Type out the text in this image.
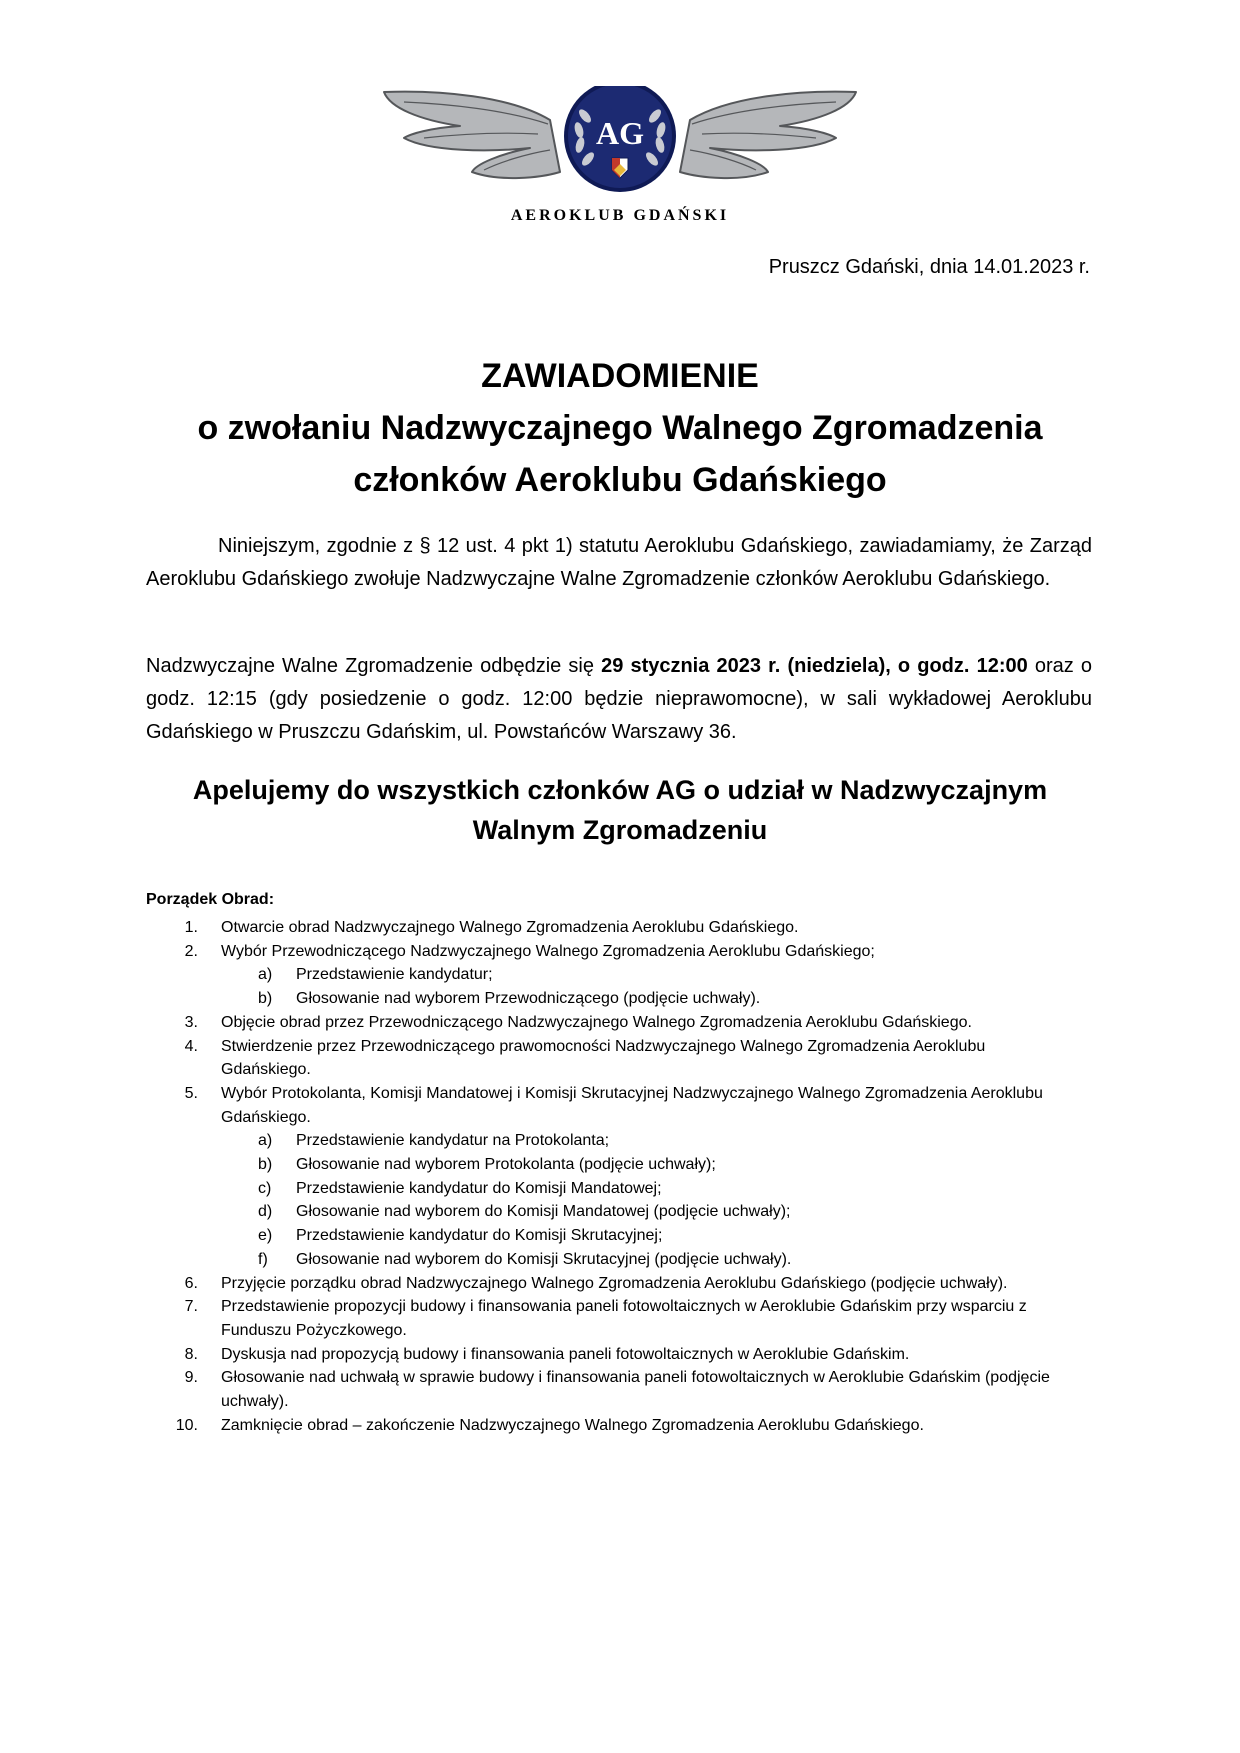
AG
AEROKLUB GDAŃSKI
Pruszcz Gdański, dnia 14.01.2023 r.
ZAWIADOMIENIE
o zwołaniu Nadzwyczajnego Walnego Zgromadzenia
członków Aeroklubu Gdańskiego
Niniejszym, zgodnie z § 12 ust. 4 pkt 1) statutu Aeroklubu Gdańskiego, zawiadamiamy, że Zarząd Aeroklubu Gdańskiego zwołuje Nadzwyczajne Walne Zgromadzenie członków Aeroklubu Gdańskiego.
Nadzwyczajne Walne Zgromadzenie odbędzie się 29 stycznia 2023 r. (niedziela), o godz. 12:00 oraz o godz. 12:15 (gdy posiedzenie o godz. 12:00 będzie nieprawomocne), w sali wykładowej Aeroklubu Gdańskiego w Pruszczu Gdańskim, ul. Powstańców Warszawy 36.
Apelujemy do wszystkich członków AG o udział w Nadzwyczajnym
Walnym Zgromadzeniu
Porządek Obrad:
1. Otwarcie obrad Nadzwyczajnego Walnego Zgromadzenia Aeroklubu Gdańskiego.
2. Wybór Przewodniczącego Nadzwyczajnego Walnego Zgromadzenia Aeroklubu Gdańskiego;
a)	Przedstawienie kandydatur;
b)	Głosowanie nad wyborem Przewodniczącego (podjęcie uchwały).
3. Objęcie obrad przez Przewodniczącego Nadzwyczajnego Walnego Zgromadzenia Aeroklubu Gdańskiego.
4. Stwierdzenie przez Przewodniczącego prawomocności Nadzwyczajnego Walnego Zgromadzenia Aeroklubu Gdańskiego.
5. Wybór Protokolanta, Komisji Mandatowej i Komisji Skrutacyjnej Nadzwyczajnego Walnego Zgromadzenia Aeroklubu Gdańskiego.
a)	Przedstawienie kandydatur na Protokolanta;
b)	Głosowanie nad wyborem Protokolanta (podjęcie uchwały);
c)	Przedstawienie kandydatur do Komisji Mandatowej;
d)	Głosowanie nad wyborem do Komisji Mandatowej (podjęcie uchwały);
e)	Przedstawienie kandydatur do Komisji Skrutacyjnej;
f)	Głosowanie nad wyborem do Komisji Skrutacyjnej (podjęcie uchwały).
6. Przyjęcie porządku obrad Nadzwyczajnego Walnego Zgromadzenia Aeroklubu Gdańskiego (podjęcie uchwały).
7. Przedstawienie propozycji budowy i finansowania paneli fotowoltaicznych w Aeroklubie Gdańskim przy wsparciu z Funduszu Pożyczkowego.
8. Dyskusja nad propozycją budowy i finansowania paneli fotowoltaicznych w Aeroklubie Gdańskim.
9. Głosowanie nad uchwałą w sprawie budowy i finansowania paneli fotowoltaicznych w Aeroklubie Gdańskim (podjęcie uchwały).
10. Zamknięcie obrad – zakończenie Nadzwyczajnego Walnego Zgromadzenia Aeroklubu Gdańskiego.
